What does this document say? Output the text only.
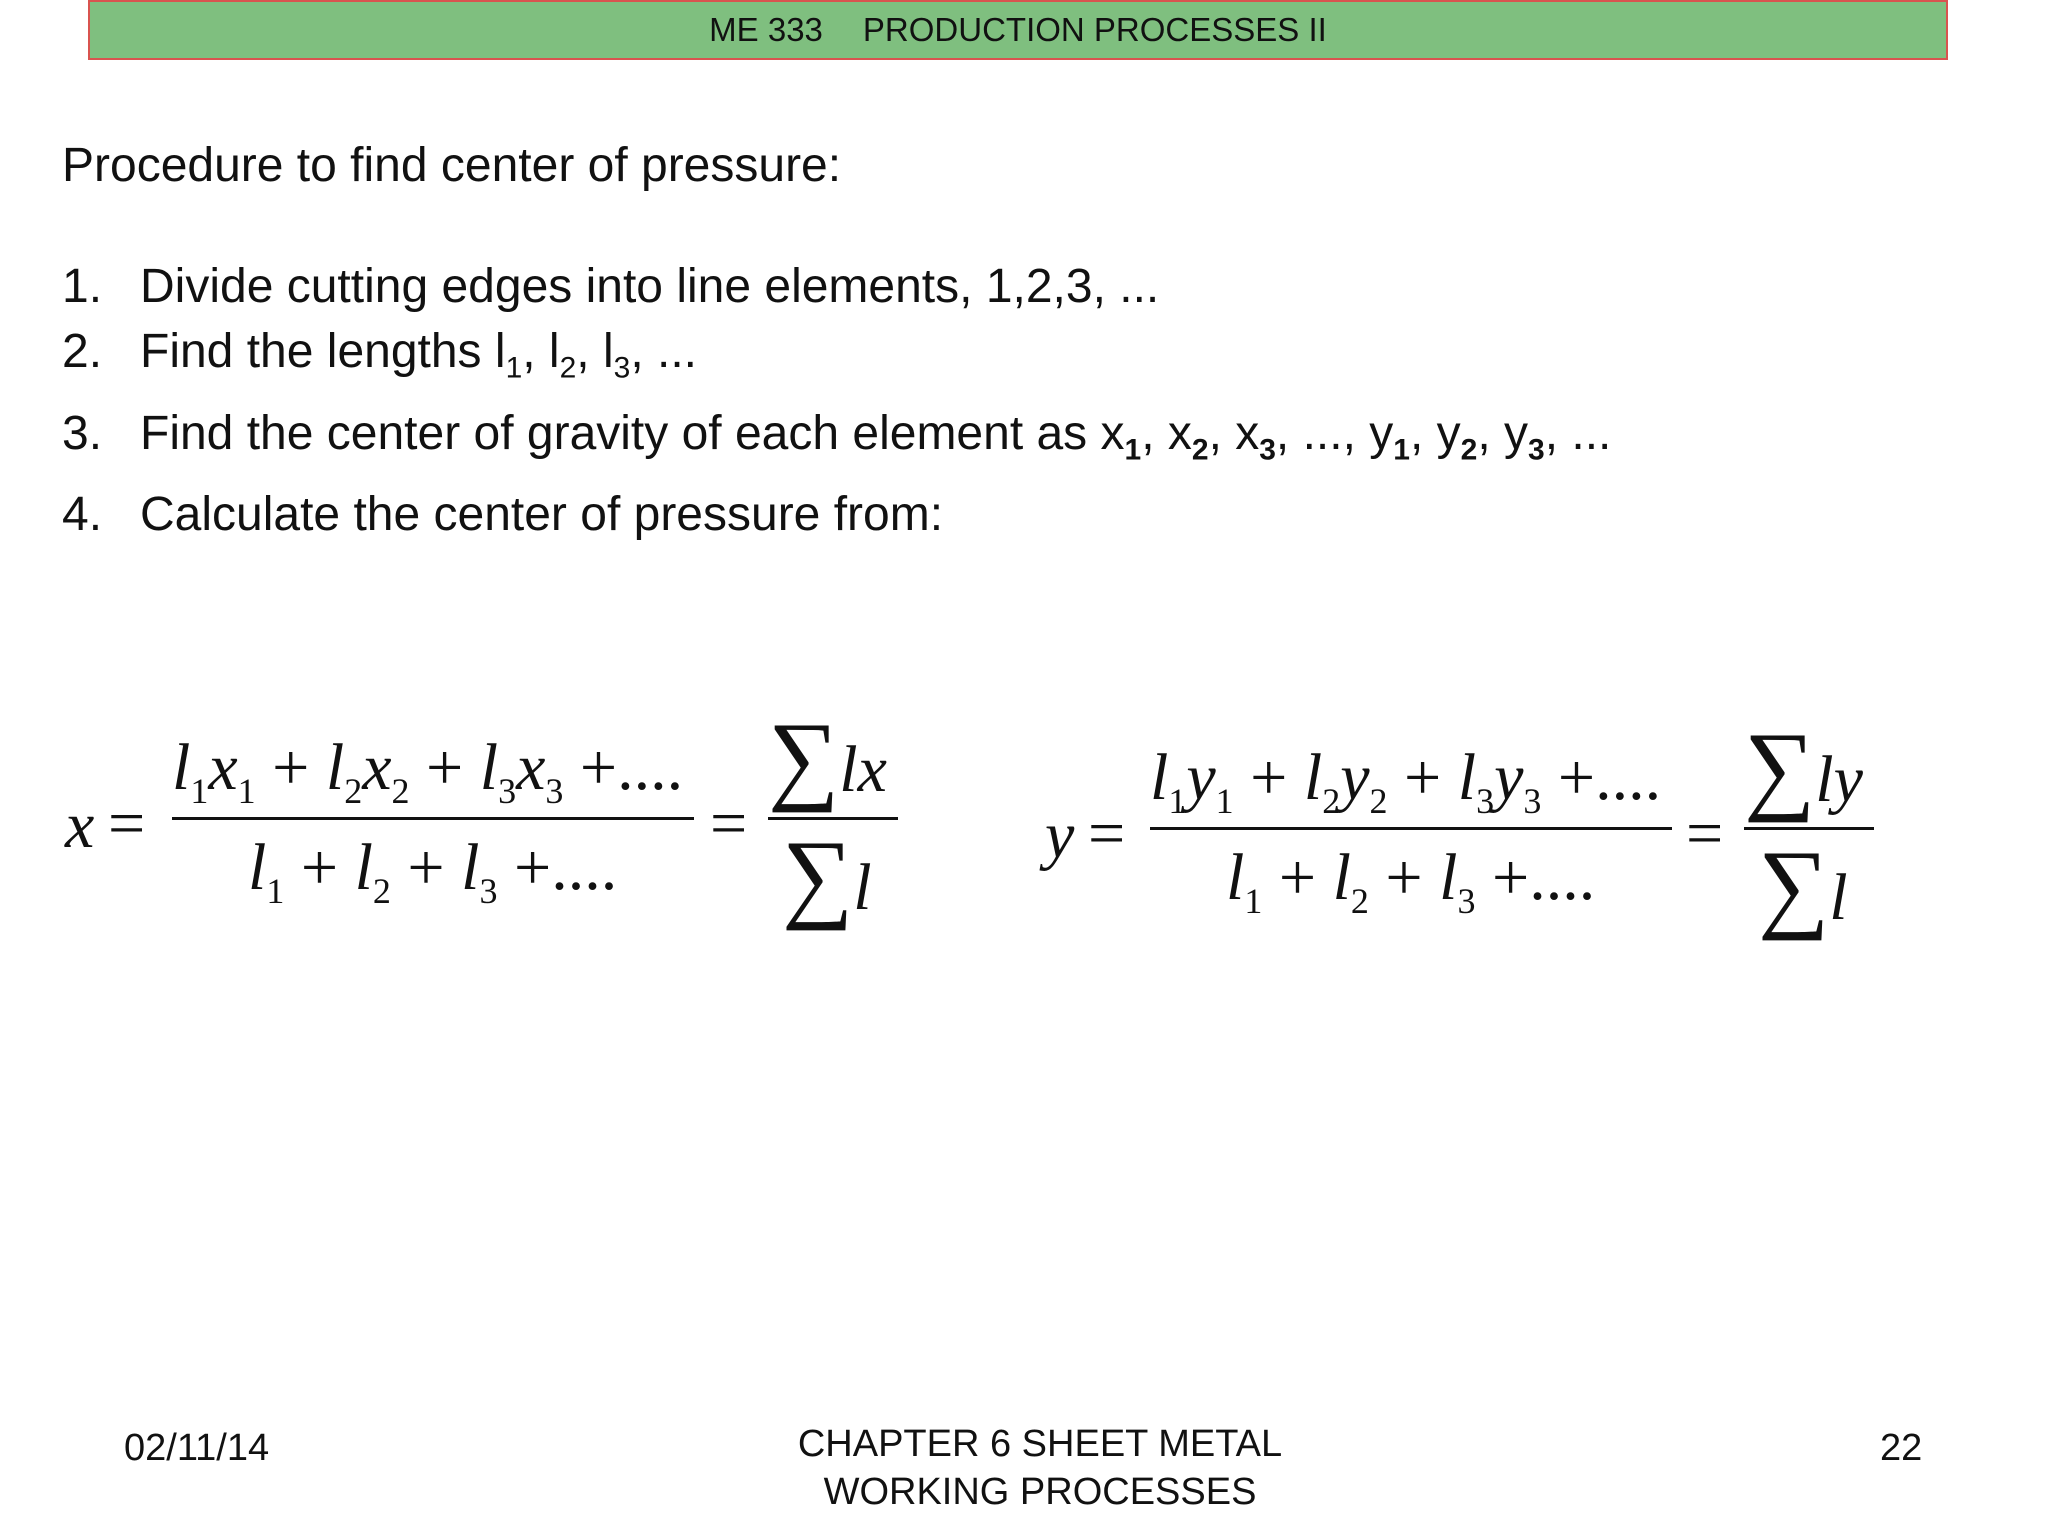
ME 333 PRODUCTION PROCESSES II
Procedure to find center of pressure:
1. Divide cutting edges into line elements, 1,2,3, ...
2. Find the lengths $l_1$, $l_2$, $l_3$, ...
3. Find the center of gravity of each element as $x_1$, $x_2$, $x_3$, ..., $y_1$, $y_2$, $y_3$, ...
4. Calculate the center of pressure from:
x =
$l_1x_1 + l_2x_2 + l_3x_3$ +....
$l_1 + l_2 + l_3$ +....
=
∑lx
∑l
y =
$l_1y_1 + l_2y_2 + l_3y_3$ +....
$l_1 + l_2 + l_3$ +....
=
∑ly
∑l
02/11/14	CHAPTER 6 SHEET METAL
WORKING PROCESSES
22
